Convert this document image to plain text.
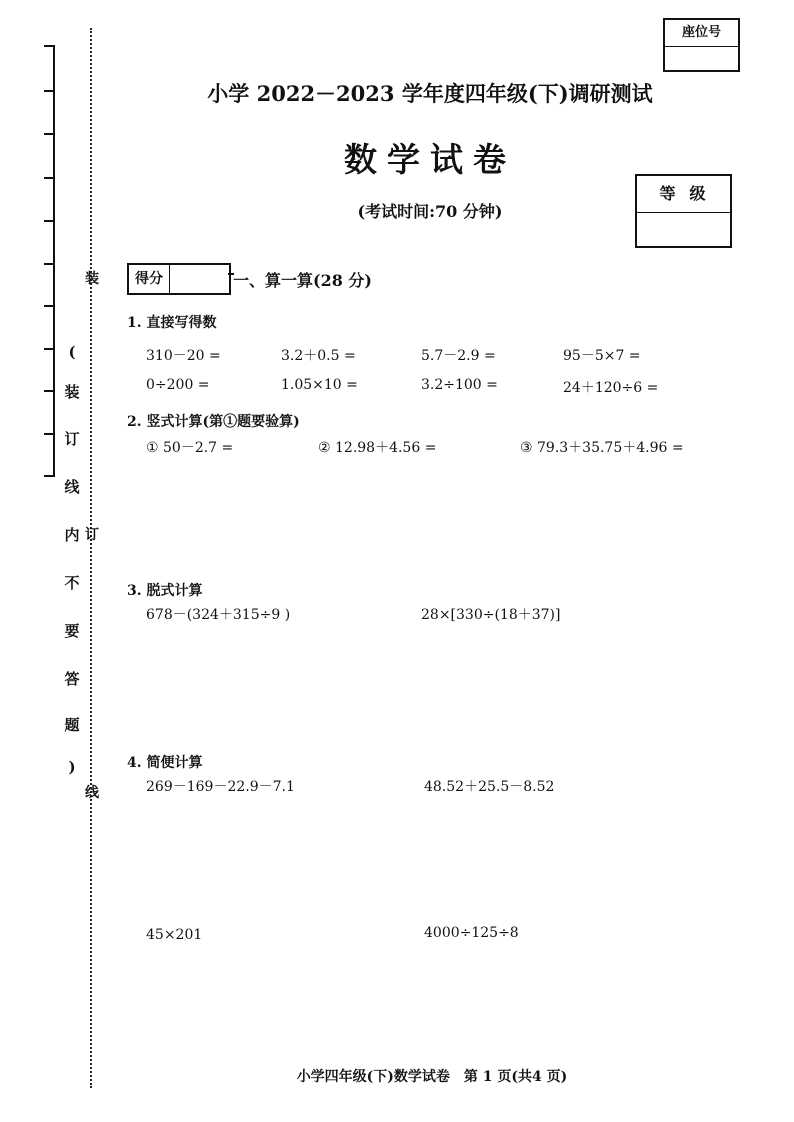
(
装
订
线
内
不
要
答
题
)
装
订
线
座位号
等级
小学 2022－2023 学年度四年级(下)调研测试
数学试卷
(考试时间:70 分钟)
得分	一、算一算(28 分)
1. 直接写得数
310－20 =	3.2＋0.5 =	5.7－2.9 =	95－5×7 =
0÷200 =	1.05×10 =	3.2÷100 =	24＋120÷6 =
2. 竖式计算(第①题要验算)
① 50－2.7 =	② 12.98＋4.56 =	③ 79.3＋35.75＋4.96 =
3. 脱式计算
678－(324＋315÷9 )	28×[330÷(18＋37)]
4. 简便计算
269－169－22.9－7.1	48.52＋25.5－8.52
45×201	4000÷125÷8
小学四年级(下)数学试卷　第 1 页(共4 页)
